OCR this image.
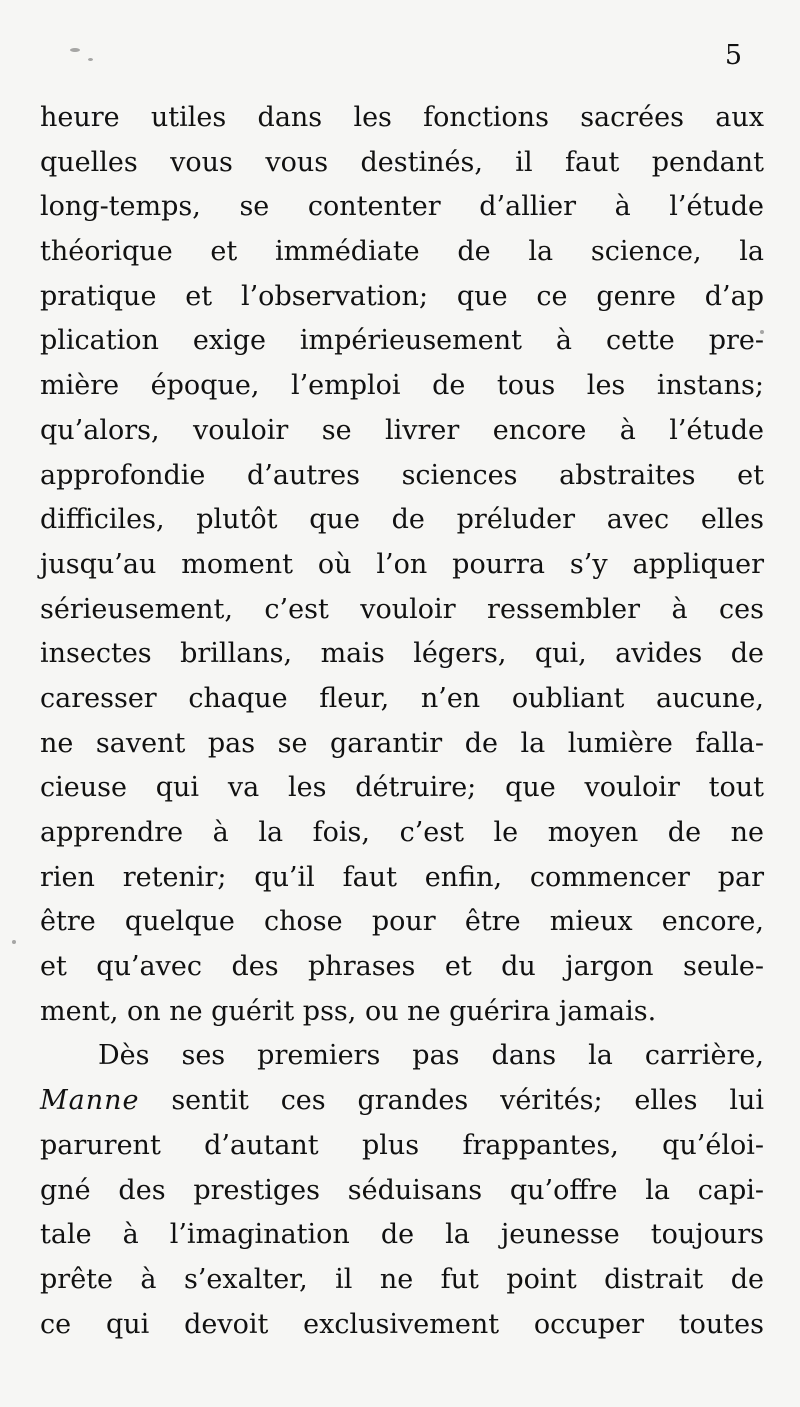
5
heure utiles dans les fonctions sacrées aux
quelles vous vous destinés, il faut pendant
long-temps, se contenter d’allier à l’étude
théorique et immédiate de la science, la
pratique et l’observation; que ce genre d’ap
plication exige impérieusement à cette pre-
mière époque, l’emploi de tous les instans;
qu’alors, vouloir se livrer encore à l’étude
approfondie d’autres sciences abstraites et
difficiles, plutôt que de préluder avec elles
jusqu’au moment où l’on pourra s’y appliquer
sérieusement, c’est vouloir ressembler à ces
insectes brillans, mais légers, qui, avides de
caresser chaque fleur, n’en oubliant aucune,
ne savent pas se garantir de la lumière falla-
cieuse qui va les détruire; que vouloir tout
apprendre à la fois, c’est le moyen de ne
rien retenir; qu’il faut enfin, commencer par
être quelque chose pour être mieux encore,
et qu’avec des phrases et du jargon seule-
ment, on ne guérit pss, ou ne guérira jamais.
Dès ses premiers pas dans la carrière,
Manne sentit ces grandes vérités; elles lui
parurent d’autant plus frappantes, qu’éloi-
gné des prestiges séduisans qu’offre la capi-
tale à l’imagination de la jeunesse toujours
prête à s’exalter, il ne fut point distrait de
ce qui devoit exclusivement occuper toutes
